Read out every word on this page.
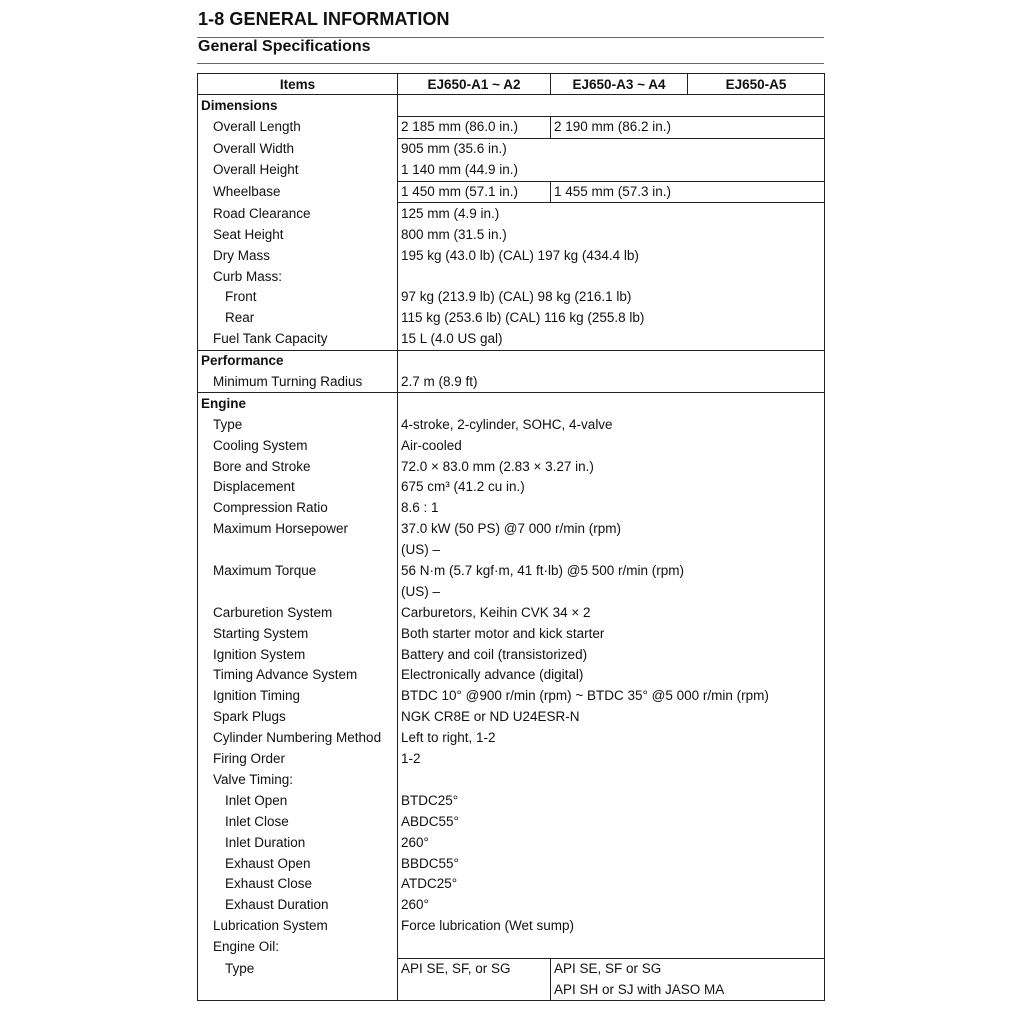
1-8 GENERAL INFORMATION
General Specifications
Items	EJ650-A1 ~ A2	EJ650-A3 ~ A4	EJ650-A5
Dimensions			
Overall Length	2 185 mm (86.0 in.)	2 190 mm (86.2 in.)	
Overall Width	905 mm (35.6 in.)		
Overall Height	1 140 mm (44.9 in.)		
Wheelbase	1 450 mm (57.1 in.)	1 455 mm (57.3 in.)	
Road Clearance	125 mm (4.9 in.)		
Seat Height	800 mm (31.5 in.)		
Dry Mass	195 kg (43.0 lb) (CAL) 197 kg (434.4 lb)		
Curb Mass:			
Front	97 kg (213.9 lb) (CAL) 98 kg (216.1 lb)		
Rear	115 kg (253.6 lb) (CAL) 116 kg (255.8 lb)		
Fuel Tank Capacity	15 L (4.0 US gal)		
Performance			
Minimum Turning Radius	2.7 m (8.9 ft)		
Engine			
Type	4-stroke, 2-cylinder, SOHC, 4-valve		
Cooling System	Air-cooled		
Bore and Stroke	72.0 × 83.0 mm (2.83 × 3.27 in.)		
Displacement	675 cm³ (41.2 cu in.)		
Compression Ratio	8.6 : 1		
Maximum Horsepower	37.0 kW (50 PS) @7 000 r/min (rpm)		
	(US) –		
Maximum Torque	56 N·m (5.7 kgf·m, 41 ft·lb) @5 500 r/min (rpm)		
	(US) –		
Carburetion System	Carburetors, Keihin CVK 34 × 2		
Starting System	Both starter motor and kick starter		
Ignition System	Battery and coil (transistorized)		
Timing Advance System	Electronically advance (digital)		
Ignition Timing	BTDC 10° @900 r/min (rpm) ~ BTDC 35° @5 000 r/min (rpm)		
Spark Plugs	NGK CR8E or ND U24ESR-N		
Cylinder Numbering Method	Left to right, 1-2		
Firing Order	1-2		
Valve Timing:			
Inlet Open	BTDC25°		
Inlet Close	ABDC55°		
Inlet Duration	260°		
Exhaust Open	BBDC55°		
Exhaust Close	ATDC25°		
Exhaust Duration	260°		
Lubrication System	Force lubrication (Wet sump)		
Engine Oil:			
Type	API SE, SF, or SG	API SE, SF or SG	
		API SH or SJ with JASO MA	
